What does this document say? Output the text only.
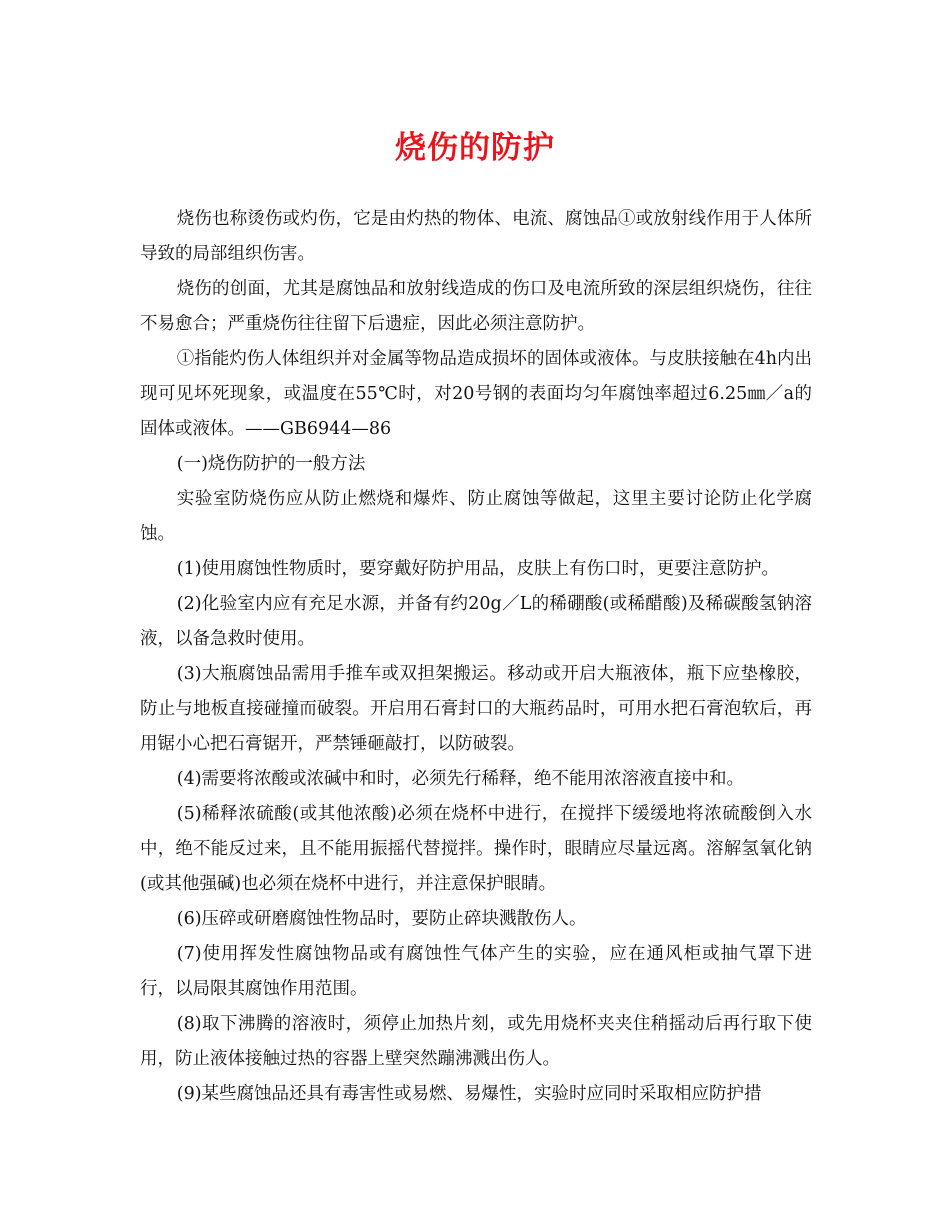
烧伤的防护

烧伤也称烫伤或灼伤，它是由灼热的物体、电流、腐蚀品①或放射线作用于人体所导致的局部组织伤害。

烧伤的创面，尤其是腐蚀品和放射线造成的伤口及电流所致的深层组织烧伤，往往不易愈合；严重烧伤往往留下后遗症，因此必须注意防护。

①指能灼伤人体组织并对金属等物品造成损坏的固体或液体。与皮肤接触在4h内出现可见坏死现象，或温度在55℃时，对20号钢的表面均匀年腐蚀率超过6.25㎜／a的固体或液体。——GB6944—86

(一)烧伤防护的一般方法

实验室防烧伤应从防止燃烧和爆炸、防止腐蚀等做起，这里主要讨论防止化学腐蚀。

(1)使用腐蚀性物质时，要穿戴好防护用品，皮肤上有伤口时，更要注意防护。

(2)化验室内应有充足水源，并备有约20g／L的稀硼酸(或稀醋酸)及稀碳酸氢钠溶液，以备急救时使用。

(3)大瓶腐蚀品需用手推车或双担架搬运。移动或开启大瓶液体，瓶下应垫橡胶，防止与地板直接碰撞而破裂。开启用石膏封口的大瓶药品时，可用水把石膏泡软后，再用锯小心把石膏锯开，严禁锤砸敲打，以防破裂。

(4)需要将浓酸或浓碱中和时，必须先行稀释，绝不能用浓溶液直接中和。

(5)稀释浓硫酸(或其他浓酸)必须在烧杯中进行，在搅拌下缓缓地将浓硫酸倒入水中，绝不能反过来，且不能用振摇代替搅拌。操作时，眼睛应尽量远离。溶解氢氧化钠(或其他强碱)也必须在烧杯中进行，并注意保护眼睛。

(6)压碎或研磨腐蚀性物品时，要防止碎块溅散伤人。

(7)使用挥发性腐蚀物品或有腐蚀性气体产生的实验，应在通风柜或抽气罩下进行，以局限其腐蚀作用范围。

(8)取下沸腾的溶液时，须停止加热片刻，或先用烧杯夹夹住稍摇动后再行取下使用，防止液体接触过热的容器上壁突然蹦沸溅出伤人。

(9)某些腐蚀品还具有毒害性或易燃、易爆性，实验时应同时采取相应防护措
